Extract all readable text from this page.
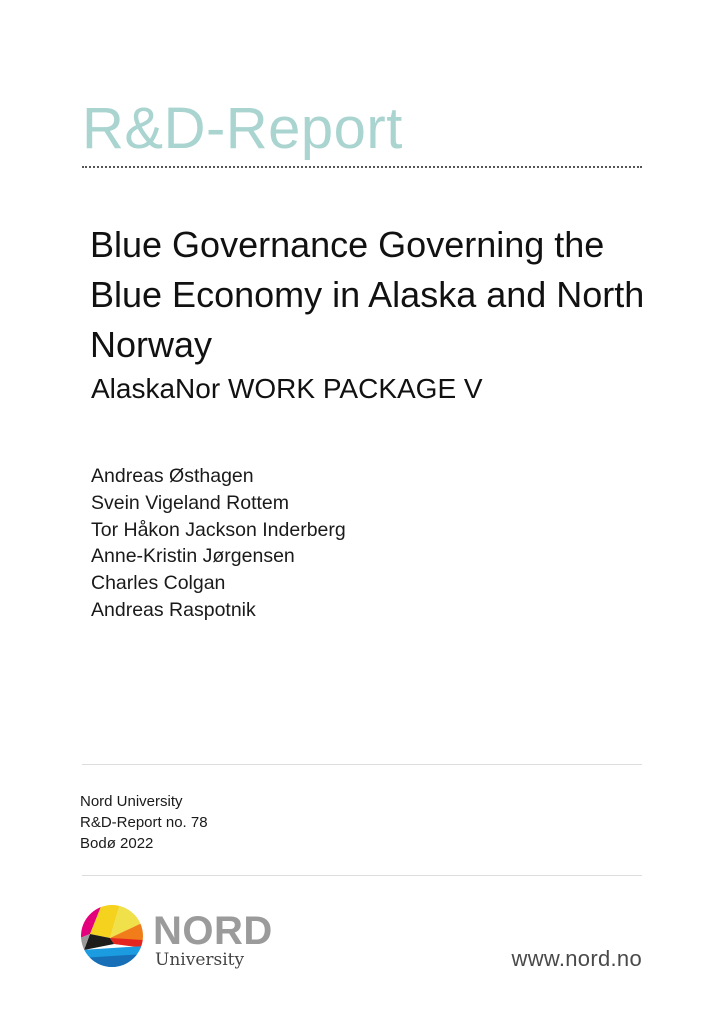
R&D-Report
Blue Governance Governing the Blue Economy in Alaska and North Norway
AlaskaNor WORK PACKAGE V
Andreas Østhagen
Svein Vigeland Rottem
Tor Håkon Jackson Inderberg
Anne-Kristin Jørgensen
Charles Colgan
Andreas Raspotnik
Nord University
R&D-Report no. 78
Bodø 2022
NORD
University	www.nord.no
